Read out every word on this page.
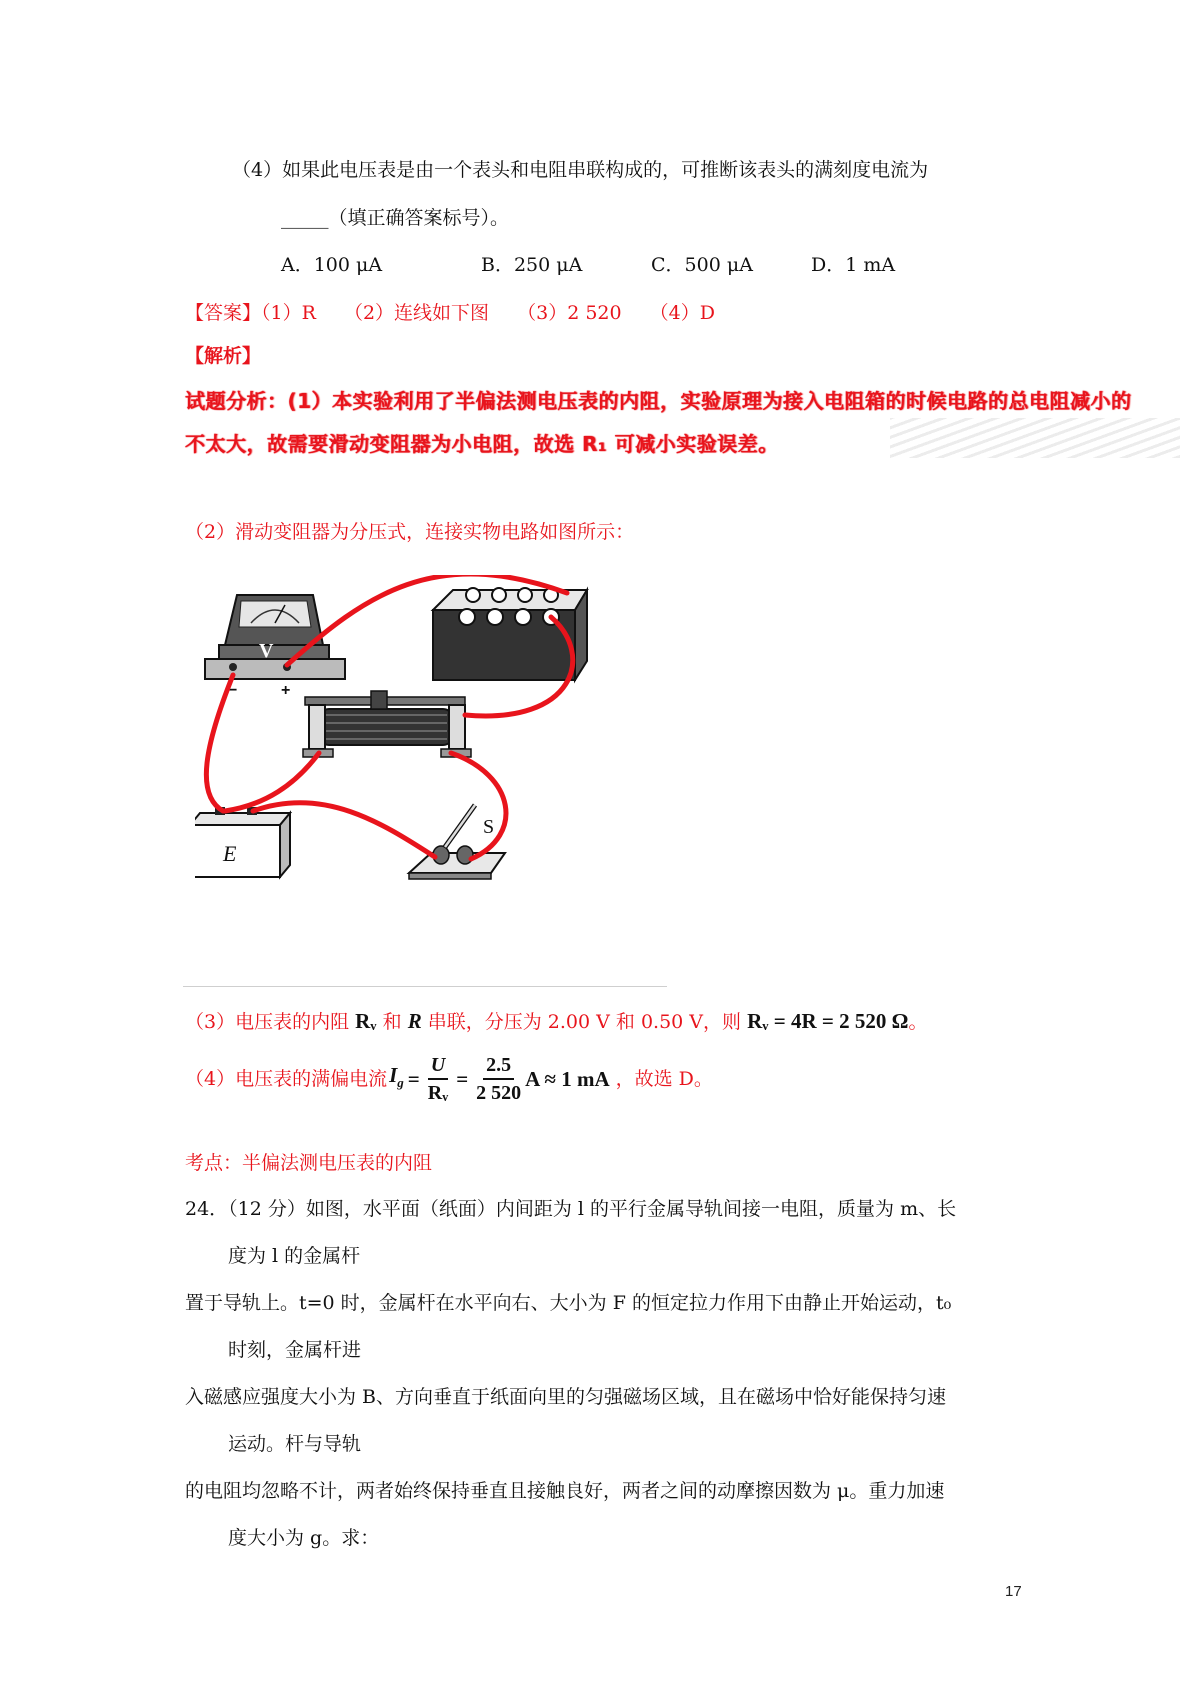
（4）如果此电压表是由一个表头和电阻串联构成的，可推断该表头的满刻度电流为
_____（填正确答案标号）。
A．100 μA	B．250 μA	C．500 μA	D．1 mA
【答案】（1）R （2）连线如下图 （3）2 520 （4）D
【解析】
试题分析：(1）本实验利用了半偏法测电压表的内阻，实验原理为接入电阻箱的时候电路的总电阻减小的
不太大，故需要滑动变阻器为小电阻，故选 R₁ 可减小实验误差。
（2）滑动变阻器为分压式，连接实物电路如图所示：
V
−	+
E
S
（3）电压表的内阻 Rᵥ 和 R 串联，分压为 2.00 V 和 0.50 V，则 Rᵥ = 4R = 2 520 Ω。
（4）电压表的满偏电流 $I_g = \frac{U}{\text{Rᵥ}} = \frac{2.5}{2 520}$ A ≈ 1 mA ，故选 D。
考点：半偏法测电压表的内阻
24．（12 分）如图，水平面（纸面）内间距为 l 的平行金属导轨间接一电阻，质量为 m、长
度为 l 的金属杆
置于导轨上。t=0 时，金属杆在水平向右、大小为 F 的恒定拉力作用下由静止开始运动，t₀
时刻，金属杆进
入磁感应强度大小为 B、方向垂直于纸面向里的匀强磁场区域，且在磁场中恰好能保持匀速
运动。杆与导轨
的电阻均忽略不计，两者始终保持垂直且接触良好，两者之间的动摩擦因数为 μ。重力加速
度大小为 g。求：
17
